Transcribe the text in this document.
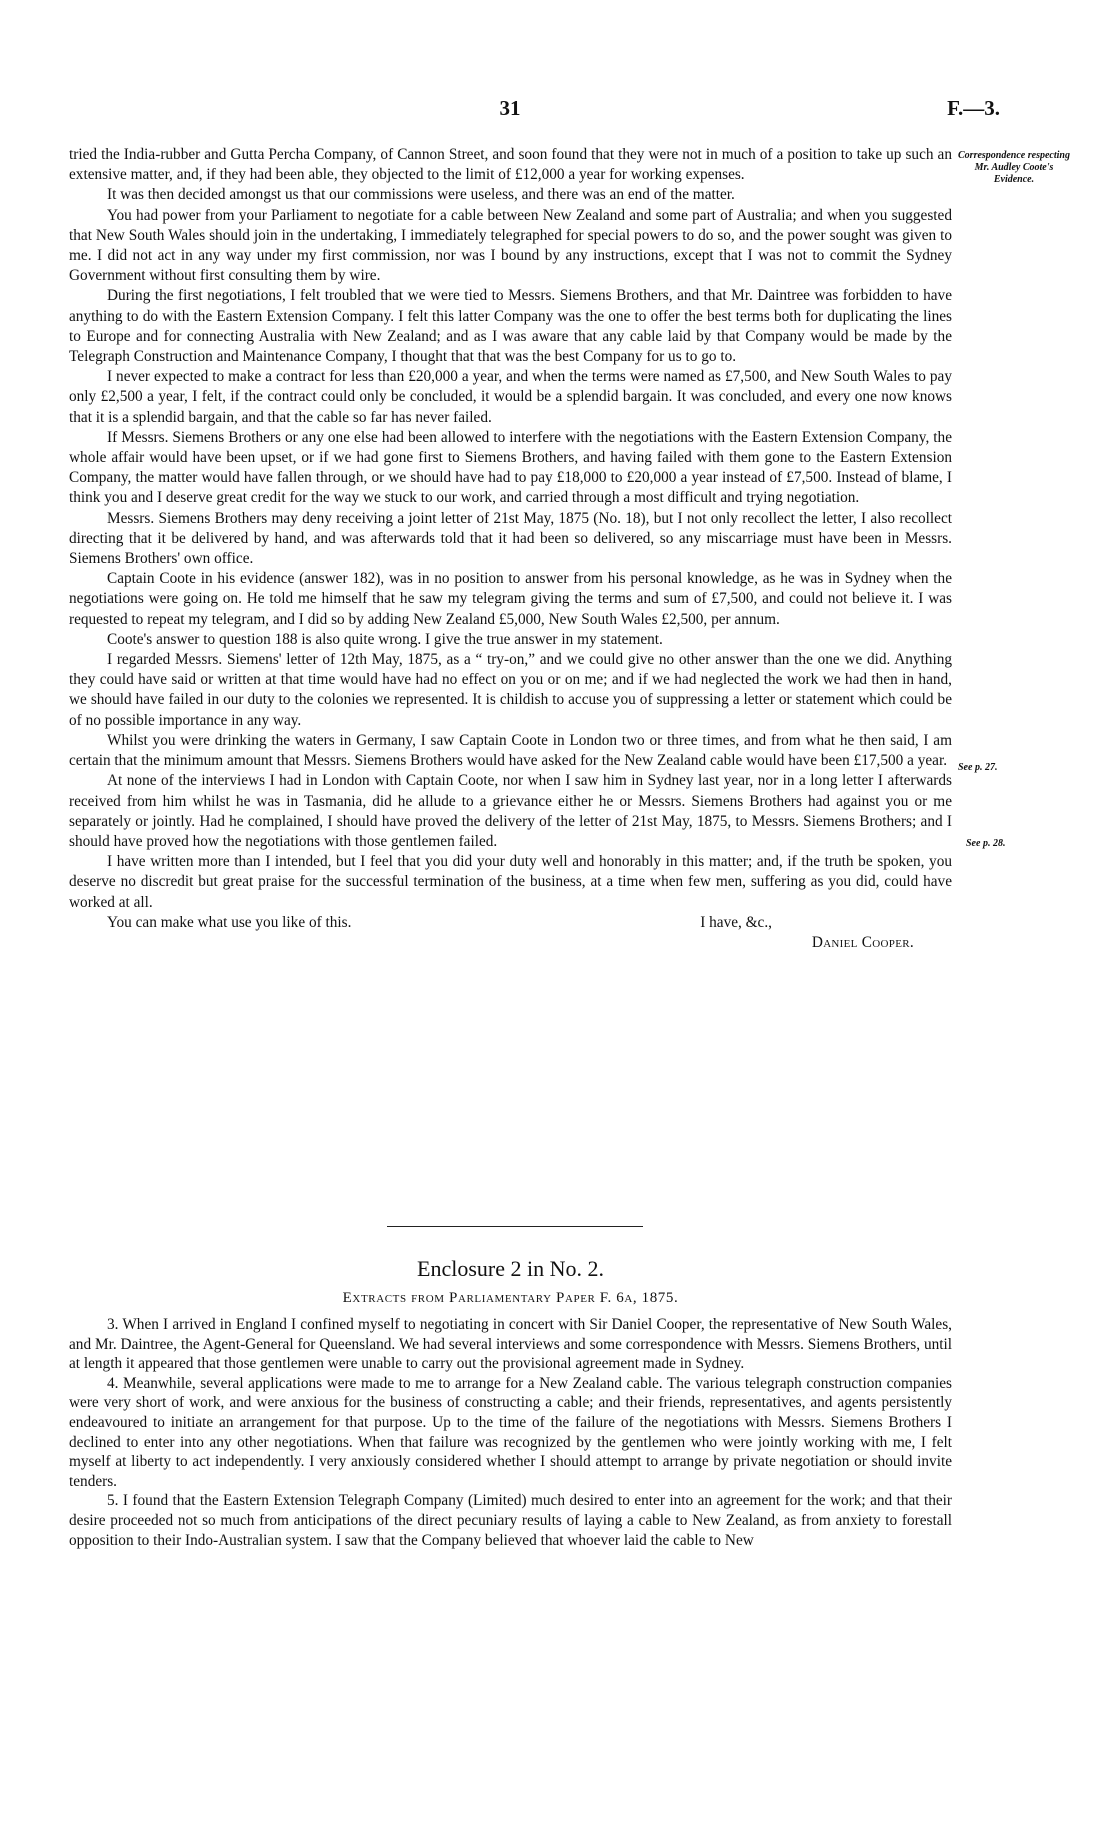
31	F.—3.
Correspondence respecting Mr. Audley Coote's Evidence.
See p. 27.
See p. 28.

tried the India-rubber and Gutta Percha Company, of Cannon Street, and soon found that they were not in much of a position to take up such an extensive matter, and, if they had been able, they objected to the limit of £12,000 a year for working expenses.

It was then decided amongst us that our commissions were useless, and there was an end of the matter.

You had power from your Parliament to negotiate for a cable between New Zealand and some part of Australia; and when you suggested that New South Wales should join in the undertaking, I immediately telegraphed for special powers to do so, and the power sought was given to me. I did not act in any way under my first commission, nor was I bound by any instructions, except that I was not to commit the Sydney Government without first consulting them by wire.

During the first negotiations, I felt troubled that we were tied to Messrs. Siemens Brothers, and that Mr. Daintree was forbidden to have anything to do with the Eastern Extension Company. I felt this latter Company was the one to offer the best terms both for duplicating the lines to Europe and for connecting Australia with New Zealand; and as I was aware that any cable laid by that Company would be made by the Telegraph Construction and Maintenance Company, I thought that that was the best Company for us to go to.

I never expected to make a contract for less than £20,000 a year, and when the terms were named as £7,500, and New South Wales to pay only £2,500 a year, I felt, if the contract could only be concluded, it would be a splendid bargain. It was concluded, and every one now knows that it is a splendid bargain, and that the cable so far has never failed.

If Messrs. Siemens Brothers or any one else had been allowed to interfere with the negotiations with the Eastern Extension Company, the whole affair would have been upset, or if we had gone first to Siemens Brothers, and having failed with them gone to the Eastern Extension Company, the matter would have fallen through, or we should have had to pay £18,000 to £20,000 a year instead of £7,500. Instead of blame, I think you and I deserve great credit for the way we stuck to our work, and carried through a most difficult and trying negotiation.

Messrs. Siemens Brothers may deny receiving a joint letter of 21st May, 1875 (No. 18), but I not only recollect the letter, I also recollect directing that it be delivered by hand, and was afterwards told that it had been so delivered, so any miscarriage must have been in Messrs. Siemens Brothers' own office.

Captain Coote in his evidence (answer 182), was in no position to answer from his personal knowledge, as he was in Sydney when the negotiations were going on. He told me himself that he saw my telegram giving the terms and sum of £7,500, and could not believe it. I was requested to repeat my telegram, and I did so by adding New Zealand £5,000, New South Wales £2,500, per annum.

Coote's answer to question 188 is also quite wrong. I give the true answer in my statement.

I regarded Messrs. Siemens' letter of 12th May, 1875, as a “ try-on,” and we could give no other answer than the one we did. Anything they could have said or written at that time would have had no effect on you or on me; and if we had neglected the work we had then in hand, we should have failed in our duty to the colonies we represented. It is childish to accuse you of suppressing a letter or statement which could be of no possible importance in any way.

Whilst you were drinking the waters in Germany, I saw Captain Coote in London two or three times, and from what he then said, I am certain that the minimum amount that Messrs. Siemens Brothers would have asked for the New Zealand cable would have been £17,500 a year.

At none of the interviews I had in London with Captain Coote, nor when I saw him in Sydney last year, nor in a long letter I afterwards received from him whilst he was in Tasmania, did he allude to a grievance either he or Messrs. Siemens Brothers had against you or me separately or jointly. Had he complained, I should have proved the delivery of the letter of 21st May, 1875, to Messrs. Siemens Brothers; and I should have proved how the negotiations with those gentlemen failed.

I have written more than I intended, but I feel that you did your duty well and honorably in this matter; and, if the truth be spoken, you deserve no discredit but great praise for the successful termination of the business, at a time when few men, suffering as you did, could have worked at all.

You can make what use you like of this.	I have, &c.,
Daniel Cooper.
Enclosure 2 in No. 2.
Extracts from Parliamentary Paper F. 6a, 1875.

3. When I arrived in England I confined myself to negotiating in concert with Sir Daniel Cooper, the representative of New South Wales, and Mr. Daintree, the Agent-General for Queensland. We had several interviews and some correspondence with Messrs. Siemens Brothers, until at length it appeared that those gentlemen were unable to carry out the provisional agreement made in Sydney.

4. Meanwhile, several applications were made to me to arrange for a New Zealand cable. The various telegraph construction companies were very short of work, and were anxious for the business of constructing a cable; and their friends, representatives, and agents persistently endeavoured to initiate an arrangement for that purpose. Up to the time of the failure of the negotiations with Messrs. Siemens Brothers I declined to enter into any other negotiations. When that failure was recognized by the gentlemen who were jointly working with me, I felt myself at liberty to act independently. I very anxiously considered whether I should attempt to arrange by private negotiation or should invite tenders.

5. I found that the Eastern Extension Telegraph Company (Limited) much desired to enter into an agreement for the work; and that their desire proceeded not so much from anticipations of the direct pecuniary results of laying a cable to New Zealand, as from anxiety to forestall opposition to their Indo-Australian system. I saw that the Company believed that whoever laid the cable to New
